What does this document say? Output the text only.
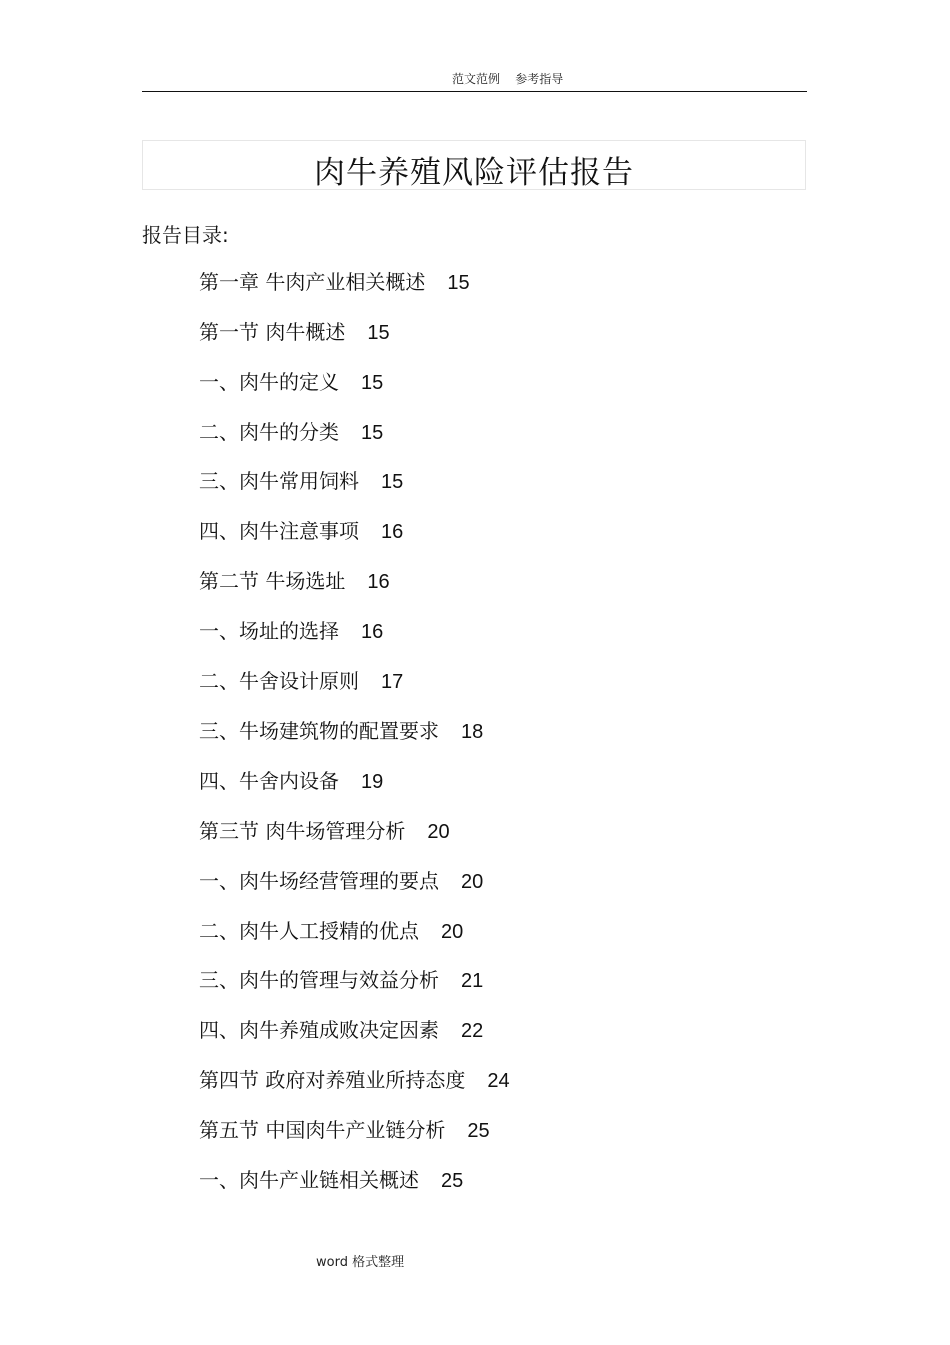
范文范例    参考指导
肉牛养殖风险评估报告
报告目录:
第一章 牛肉产业相关概述 15
第一节 肉牛概述 15
一、肉牛的定义 15
二、肉牛的分类 15
三、肉牛常用饲料 15
四、肉牛注意事项 16
第二节 牛场选址 16
一、场址的选择 16
二、牛舍设计原则 17
三、牛场建筑物的配置要求 18
四、牛舍内设备 19
第三节 肉牛场管理分析 20
一、肉牛场经营管理的要点 20
二、肉牛人工授精的优点 20
三、肉牛的管理与效益分析 21
四、肉牛养殖成败决定因素 22
第四节 政府对养殖业所持态度 24
第五节 中国肉牛产业链分析 25
一、肉牛产业链相关概述 25
word 格式整理
